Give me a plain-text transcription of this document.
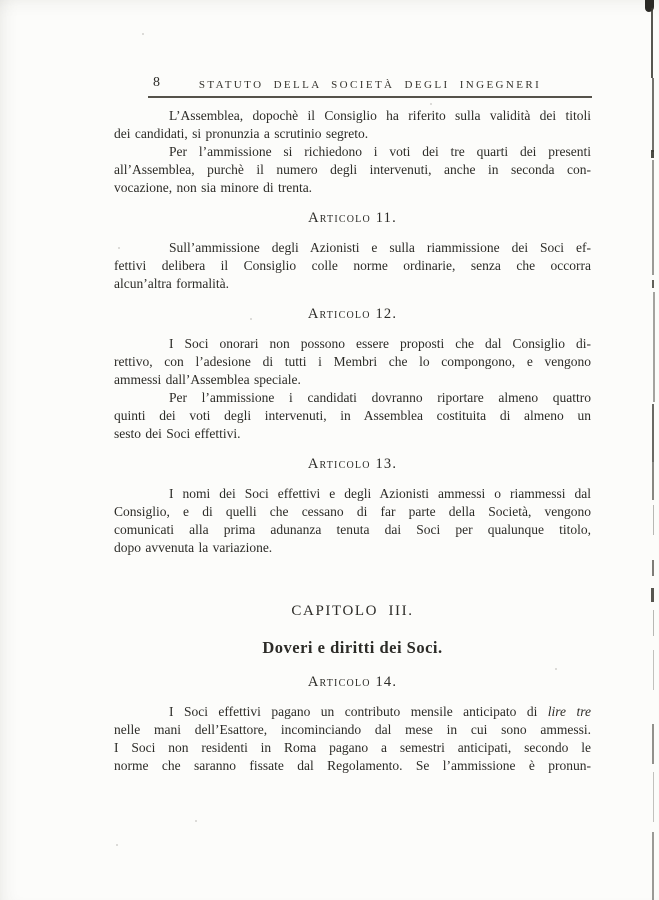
8	STATUTO DELLA SOCIETÀ DEGLI INGEGNERI
L’Assemblea, dopochè il Consiglio ha riferito sulla validità dei titoli
dei candidati, si pronunzia a scrutinio segreto.
Per l’ammissione si richiedono i voti dei tre quarti dei presenti
all’Assemblea, purchè il numero degli intervenuti, anche in seconda con-
vocazione, non sia minore di trenta.
Articolo 11.
Sull’ammissione degli Azionisti e sulla riammissione dei Soci ef-
fettivi delibera il Consiglio colle norme ordinarie, senza che occorra
alcun’altra formalità.
Articolo 12.
I Soci onorari non possono essere proposti che dal Consiglio di-
rettivo, con l’adesione di tutti i Membri che lo compongono, e vengono
ammessi dall’Assemblea speciale.
Per l’ammissione i candidati dovranno riportare almeno quattro
quinti dei voti degli intervenuti, in Assemblea costituita di almeno un
sesto dei Soci effettivi.
Articolo 13.
I nomi dei Soci effettivi e degli Azionisti ammessi o riammessi dal
Consiglio, e di quelli che cessano di far parte della Società, vengono
comunicati alla prima adunanza tenuta dai Soci per qualunque titolo,
dopo avvenuta la variazione.
CAPITOLO III.
Doveri e diritti dei Soci.
Articolo 14.
I Soci effettivi pagano un contributo mensile anticipato di lire tre
nelle mani dell’Esattore, incominciando dal mese in cui sono ammessi.
I Soci non residenti in Roma pagano a semestri anticipati, secondo le
norme che saranno fissate dal Regolamento. Se l’ammissione è pronun-
